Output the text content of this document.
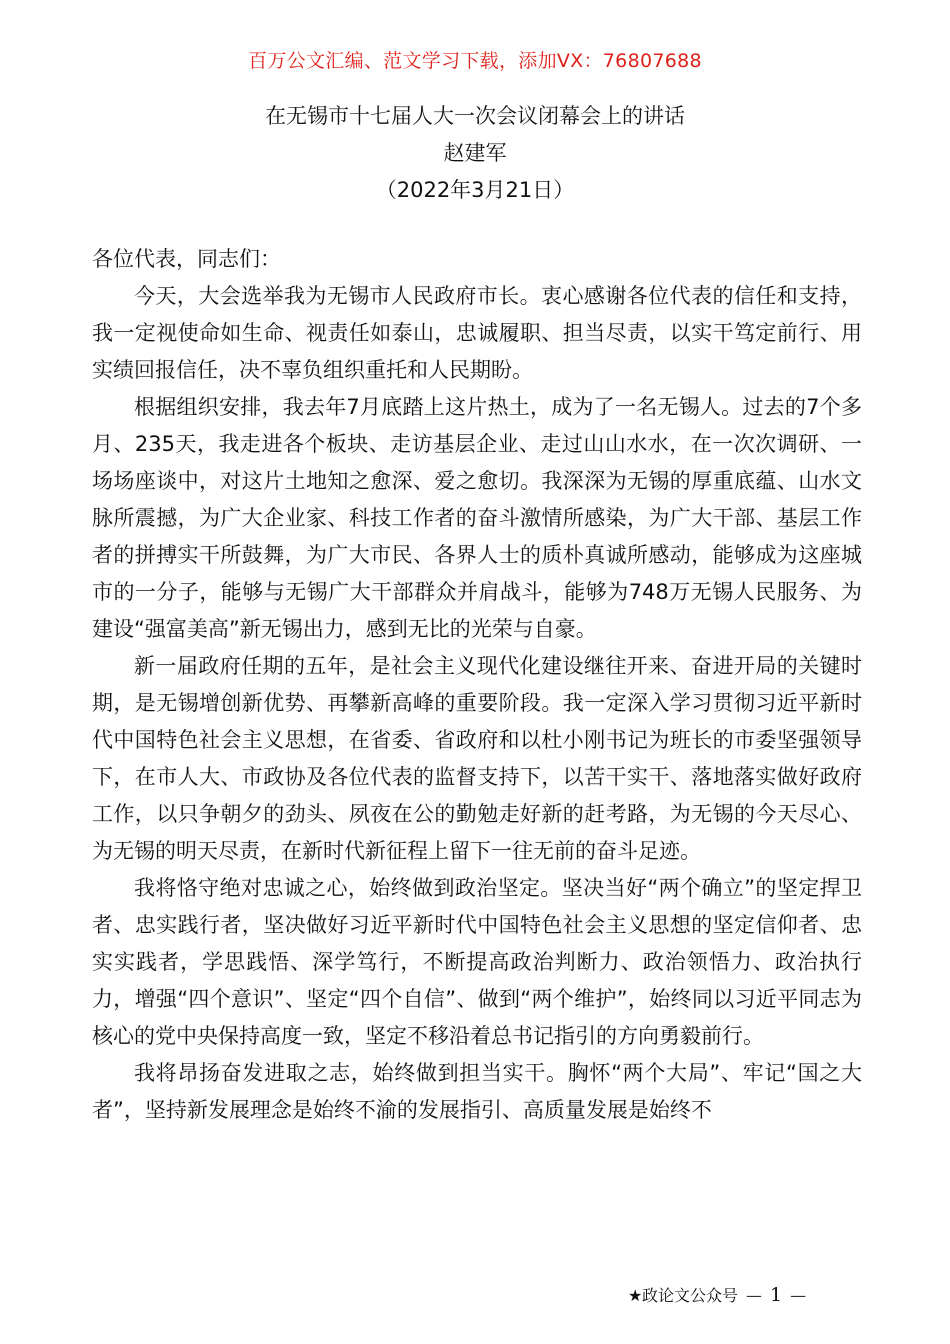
百万公文汇编、范文学习下载，添加VX：76807688
在无锡市十七届人大一次会议闭幕会上的讲话
赵建军
（2022年3月21日）

各位代表，同志们：

今天，大会选举我为无锡市人民政府市长。衷心感谢各位代表的信任和支持，我一定视使命如生命、视责任如泰山，忠诚履职、担当尽责，以实干笃定前行、用实绩回报信任，决不辜负组织重托和人民期盼。

根据组织安排，我去年7月底踏上这片热土，成为了一名无锡人。过去的7个多月、235天，我走进各个板块、走访基层企业、走过山山水水，在一次次调研、一场场座谈中，对这片土地知之愈深、爱之愈切。我深深为无锡的厚重底蕴、山水文脉所震撼，为广大企业家、科技工作者的奋斗激情所感染，为广大干部、基层工作者的拼搏实干所鼓舞，为广大市民、各界人士的质朴真诚所感动，能够成为这座城市的一分子，能够与无锡广大干部群众并肩战斗，能够为748万无锡人民服务、为建设“强富美高”新无锡出力，感到无比的光荣与自豪。

新一届政府任期的五年，是社会主义现代化建设继往开来、奋进开局的关键时期，是无锡增创新优势、再攀新高峰的重要阶段。我一定深入学习贯彻习近平新时代中国特色社会主义思想，在省委、省政府和以杜小刚书记为班长的市委坚强领导下，在市人大、市政协及各位代表的监督支持下，以苦干实干、落地落实做好政府工作，以只争朝夕的劲头、夙夜在公的勤勉走好新的赶考路，为无锡的今天尽心、为无锡的明天尽责，在新时代新征程上留下一往无前的奋斗足迹。

我将恪守绝对忠诚之心，始终做到政治坚定。坚决当好“两个确立”的坚定捍卫者、忠实践行者，坚决做好习近平新时代中国特色社会主义思想的坚定信仰者、忠实实践者，学思践悟、深学笃行，不断提高政治判断力、政治领悟力、政治执行力，增强“四个意识”、坚定“四个自信”、做到“两个维护”，始终同以习近平同志为核心的党中央保持高度一致，坚定不移沿着总书记指引的方向勇毅前行。

我将昂扬奋发进取之志，始终做到担当实干。胸怀“两个大局”、牢记“国之大者”，坚持新发展理念是始终不渝的发展指引、高质量发展是始终不

★政论文公众号 — 1 —
